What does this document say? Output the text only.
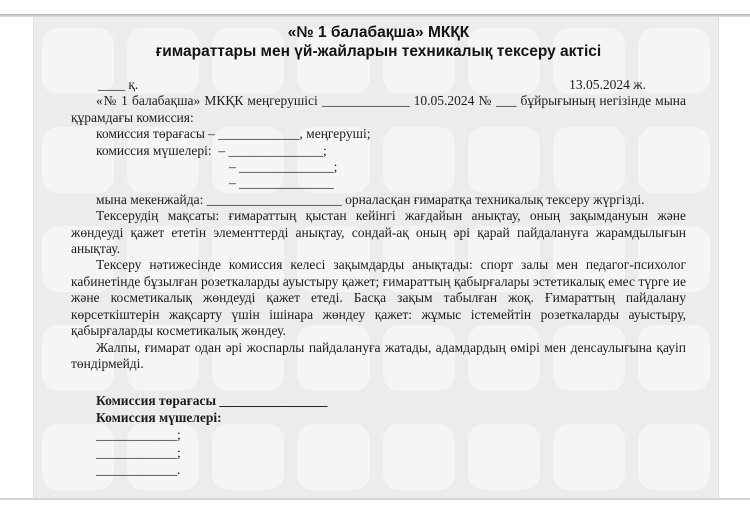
«№ 1 балабақша» МКҚК
ғимараттары мен үй-жайларын техникалық тексеру актісі
____ қ.	13.05.2024 ж.

«№ 1 балабақша» МКҚК меңгерушісі _____________ 10.05.2024 № ___ бұйрығының негізінде мына құрамдағы комиссия:

комиссия төрағасы – ____________, меңгеруші;
комиссия мүшелері:  – ______________;
– ______________;
– ______________

мына мекенжайда: ____________________ орналасқан ғимаратқа техникалық тексеру жүргізді.

Тексерудің мақсаты: ғимараттың қыстан кейінгі жағдайын анықтау, оның зақымдануын және жөндеуді қажет ететін элементтерді анықтау, сондай-ақ оның әрі қарай пайдалануға жарамдылығын анықтау.

Тексеру нәтижесінде комиссия келесі зақымдарды анықтады: спорт залы мен педагог-психолог кабинетінде бұзылған розеткаларды ауыстыру қажет; ғимараттың қабырғалары эстетикалық емес түрге ие және косметикалық жөндеуді қажет етеді. Басқа зақым табылған жоқ. Ғимараттың пайдалану көрсеткіштерін жақсарту үшін ішінара жөндеу қажет: жұмыс істемейтін розеткаларды ауыстыру, қабырғаларды косметикалық жөндеу.

Жалпы, ғимарат одан әрі жоспарлы пайдалануға жатады, адамдардың өмірі мен денсаулығына қауіп төндірмейді.

Комиссия төрағасы ________________
Комиссия мүшелері:
____________;
____________;
____________.
